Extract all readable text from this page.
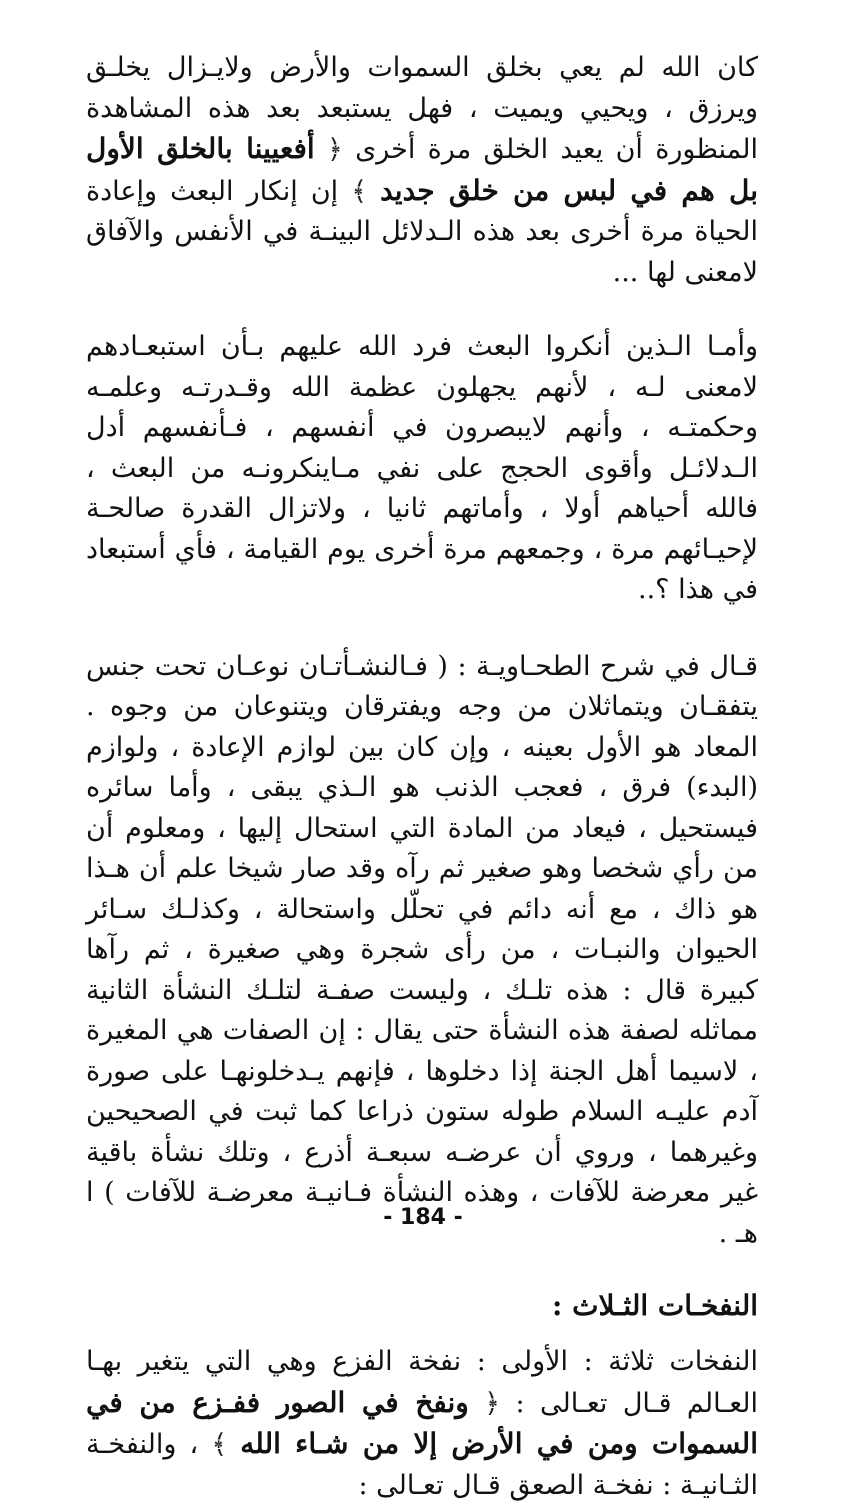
كان الله لم يعي بخلق السموات والأرض ولايـزال يخلـق ويرزق ، ويحيي ويميت ، فهل يستبعد بعد هذه المشاهدة المنظورة أن يعيد الخلق مرة أخرى ﴿ أفعيينا بالخلق الأول بل هم في لبس من خلق جديد ﴾ إن إنكار البعث وإعادة الحياة مرة أخرى بعد هذه الـدلائل البينـة في الأنفس والآفاق لامعنى لها ...

وأمـا الـذين أنكروا البعث فرد الله عليهم بـأن استبعـادهم لامعنى لـه ، لأنهم يجهلون عظمة الله وقـدرتـه وعلمـه وحكمتـه ، وأنهم لايبصرون في أنفسهم ، فـأنفسهم أدل الـدلائـل وأقوى الحجج على نفي مـاينكرونـه من البعث ، فالله أحياهم أولا ، وأماتهم ثانيا ، ولاتزال القدرة صالحـة لإحيـائهم مرة ، وجمعهم مرة أخرى يوم القيامة ، فأي أستبعاد في هذا ؟..

قـال في شرح الطحـاويـة : ( فـالنشـأتـان نوعـان تحت جنس يتفقـان ويتماثلان من وجه ويفترقان ويتنوعان من وجوه . المعاد هو الأول بعينه ، وإن كان بين لوازم الإعادة ، ولوازم (البدء) فرق ، فعجب الذنب هو الـذي يبقى ، وأما سائره فيستحيل ، فيعاد من المادة التي استحال إليها ، ومعلوم أن من رأي شخصا وهو صغير ثم رآه وقد صار شيخا علم أن هـذا هو ذاك ، مع أنه دائم في تحلّل واستحالة ، وكذلـك سـائر الحيوان والنبـات ، من رأى شجرة وهي صغيرة ، ثم رآها كبيرة قال : هذه تلـك ، وليست صفـة لتلـك النشأة الثانية مماثله لصفة هذه النشأة حتى يقال : إن الصفات هي المغيرة ، لاسيما أهل الجنة إذا دخلوها ، فإنهم يـدخلونهـا على صورة آدم عليـه السلام طوله ستون ذراعا كما ثبت في الصحيحين وغيرهما ، وروي أن عرضـه سبعـة أذرع ، وتلك نشأة باقية غير معرضة للآفات ، وهذه النشأة فـانيـة معرضـة للآفات ) ا هـ .

النفخـات الثـلاث :

النفخات ثلاثة : الأولى : نفخة الفزع وهي التي يتغير بهـا العـالم قـال تعـالى : ﴿ ونفخ في الصور ففـزع من في السموات ومن في الأرض إلا من شـاء الله ﴾ ، والنفخـة الثـانيـة : نفخـة الصعق قـال تعـالى :

- 184 -
